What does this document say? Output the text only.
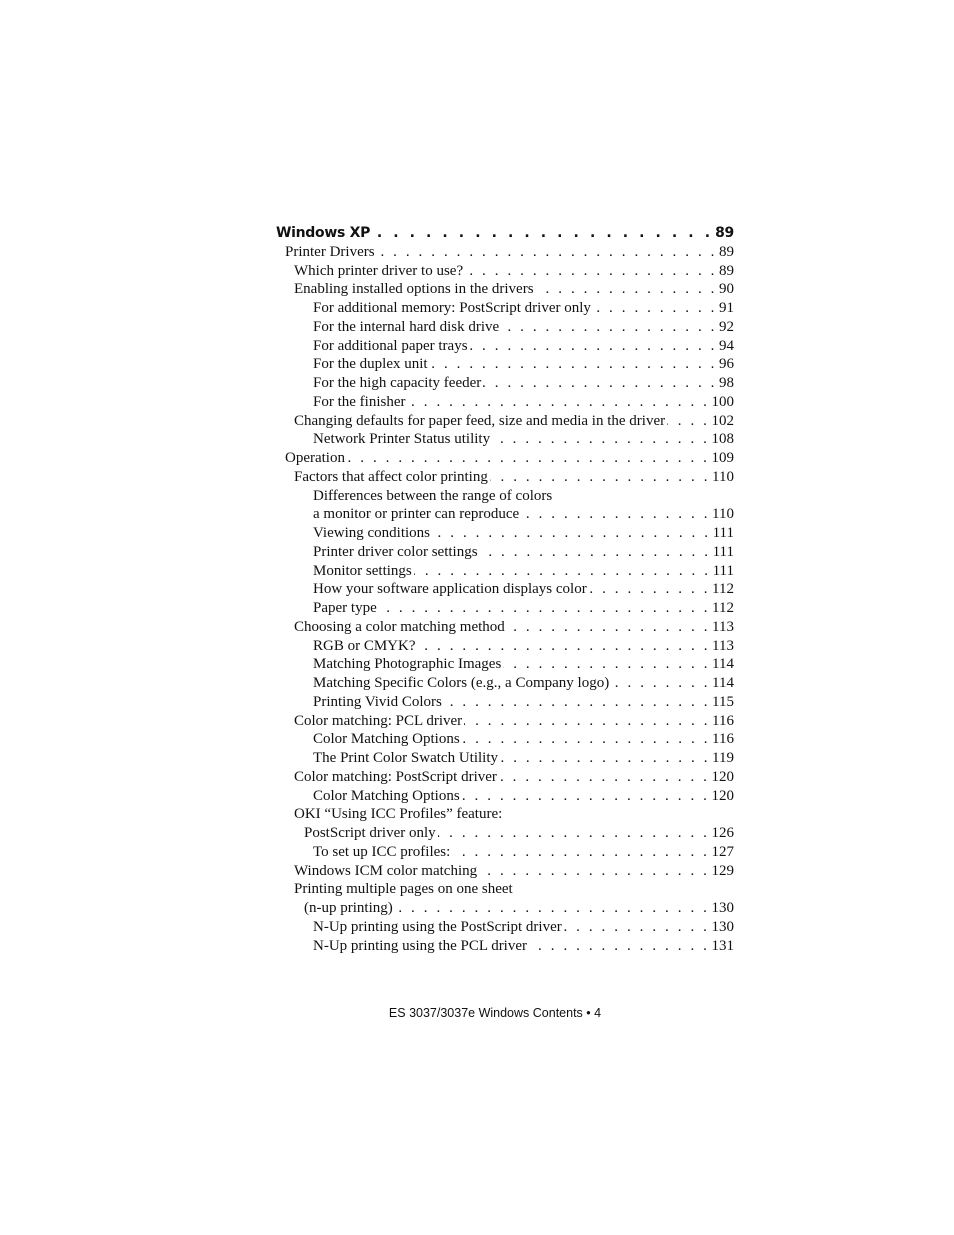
Windows XP . . .	89
Printer Drivers . . .	89
Which printer driver to use? . . .	89
Enabling installed options in the drivers . . .	90
For additional memory: PostScript driver only . . .	91
For the internal hard disk drive . . .	92
For additional paper trays . . .	94
For the duplex unit . . .	96
For the high capacity feeder . . .	98
For the finisher . . .	100
Changing defaults for paper feed, size and media in the driver . . .	102
Network Printer Status utility . . .	108
Operation . . .	109
Factors that affect color printing . . .	110
Differences between the range of colors
a monitor or printer can reproduce . . .	110
Viewing conditions . . .	111
Printer driver color settings . . .	111
Monitor settings . . .	111
How your software application displays color . . .	112
Paper type . . .	112
Choosing a color matching method . . .	113
RGB or CMYK? . . .	113
Matching Photographic Images . . .	114
Matching Specific Colors (e.g., a Company logo) . . .	114
Printing Vivid Colors . . .	115
Color matching: PCL driver . . .	116
Color Matching Options . . .	116
The Print Color Swatch Utility . . .	119
Color matching: PostScript driver . . .	120
Color Matching Options . . .	120
OKI “Using ICC Profiles” feature:
PostScript driver only . . .	126
To set up ICC profiles: . . .	127
Windows ICM color matching . . .	129
Printing multiple pages on one sheet
(n-up printing) . . .	130
N-Up printing using the PostScript driver . . .	130
N-Up printing using the PCL driver . . .	131
ES 3037/3037e Windows Contents • 4
